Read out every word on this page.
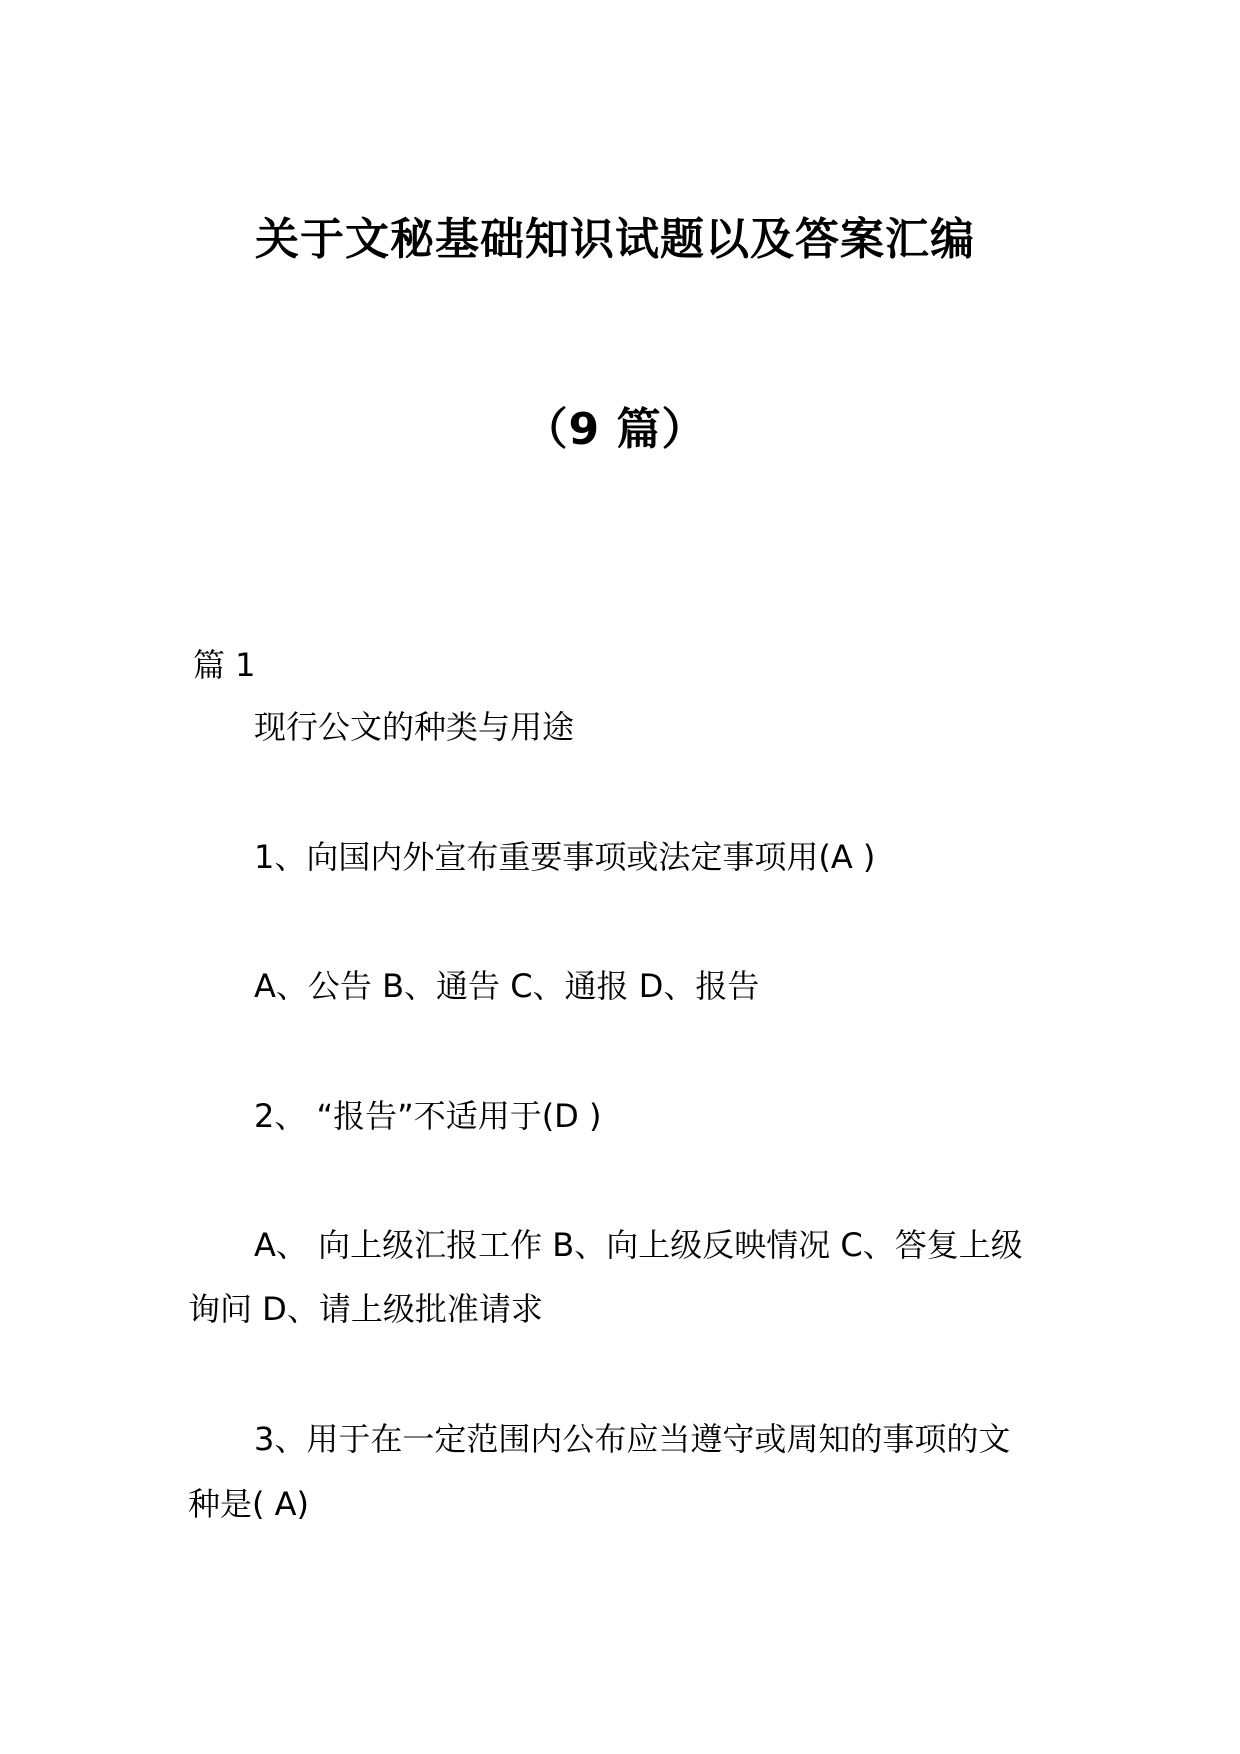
关于文秘基础知识试题以及答案汇编
（9 篇）
篇 1
现行公文的种类与用途
1、向国内外宣布重要事项或法定事项用(A )
A、公告 B、通告 C、通报 D、报告
2、 “报告”不适用于(D )
A、 向上级汇报工作 B、向上级反映情况 C、答复上级
询问 D、请上级批准请求
3、用于在一定范围内公布应当遵守或周知的事项的文
种是( A)
